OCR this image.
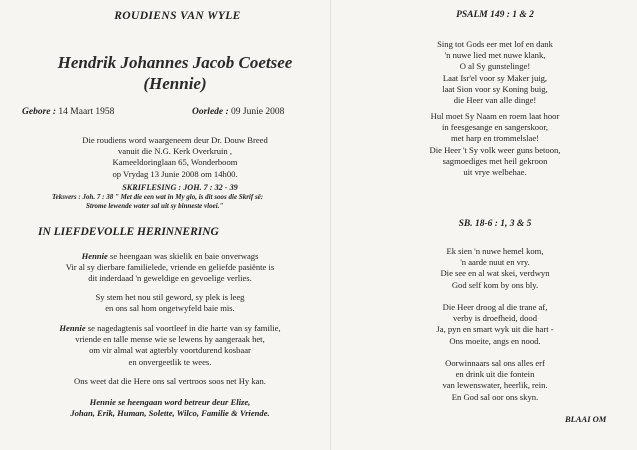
ROUDIENS VAN WYLE
Hendrik Johannes Jacob Coetsee
(Hennie)
Gebore : 14 Maart 1958	Oorlede : 09 Junie 2008
Die roudiens word waargeneem deur Dr. Douw Breed
vanuit die N.G. Kerk Overkruin ,
Kameeldoringlaan 65, Wonderboom
op Vrydag 13 Junie 2008 om 14h00.
SKRIFLESING : JOH. 7 : 32 - 39
Teksvers : Joh. 7 : 38 " Met die een wat in My glo, is dit soos die Skrif sê:
Strome lewende water sal uit sy binneste vloei."
IN LIEFDEVOLLE HERINNERING
Hennie se heengaan was skielik en baie onverwags
Vir al sy dierbare familielede, vriende en geliefde pasiënte is
dit inderdaad 'n geweldige en gevoelige verlies.
Sy stem het nou stil geword, sy plek is leeg
en ons sal hom ongetwyfeld baie mis.
Hennie se nagedagtenis sal voortleef in die harte van sy familie,
vriende en talle mense wie se lewens hy aangeraak het,
om vir almal wat agterbly voortdurend kosbaar
en onvergeetlik te wees.
Ons weet dat die Here ons sal vertroos soos net Hy kan.
Hennie se heengaan word betreur deur Elize,
Johan, Erik, Human, Solette, Wilco, Familie & Vriende.
PSALM 149 : 1 & 2
Sing tot Gods eer met lof en dank
'n nuwe lied met nuwe klank,
O al Sy gunstelinge!
Laat Isr'el voor sy Maker juig,
laat Sion voor sy Koning buig,
die Heer van alle dinge!
Hul moet Sy Naam en roem laat hoor
in feesgesange en sangerskoor,
met harp en trommelslae!
Die Heer 't Sy volk weer guns betoon,
sagmoediges met heil gekroon
uit vrye welbehae.
SB. 18-6 : 1, 3 & 5
Ek sien 'n nuwe hemel kom,
'n aarde nuut en vry.
Die see en al wat skei, verdwyn
God self kom by ons bly.
Die Heer droog al die trane af,
verby is droefheid, dood
Ja, pyn en smart wyk uit die hart -
Ons moeite, angs en nood.
Oorwinnaars sal ons alles erf
en drink uit die fontein
van lewenswater, heerlik, rein.
En God sal oor ons skyn.
BLAAI OM
